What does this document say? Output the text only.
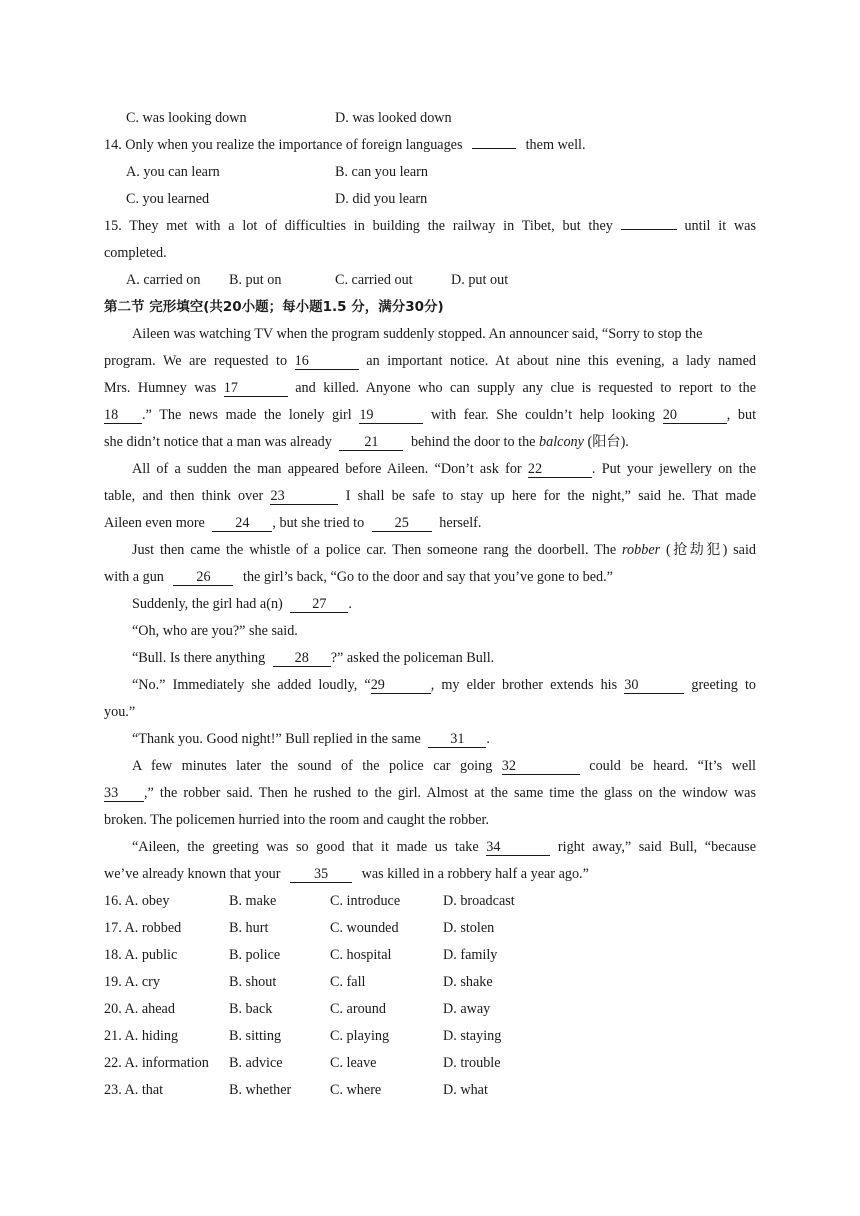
C. was looking down	D. was looked down
14. Only when you realize the importance of foreign languages	them well.
A. you can learn	B. can you learn
C. you learned	D. did you learn
15. They met with a lot of difficulties in building the railway in Tibet, but they	until it was
completed.
A. carried on B. put on	C. carried out	D. put out
第二节 完形填空(共20小题；每小题1.5 分，满分30分)
Aileen was watching TV when the program suddenly stopped. An announcer said, “Sorry to stop the
program. We are requested to 16	an important notice. At about nine this evening, a lady named
Mrs. Humney was 17	and killed. Anyone who can supply any clue is requested to report to the
18 .” The news made the lonely girl 19	with fear. She couldn’t help looking 20	, but
she didn’t notice that a man was already 21 behind the door to the balcony (阳台).
All of a sudden the man appeared before Aileen. “Don’t ask for 22	. Put your jewellery on the
table, and then think over 23	I shall be safe to stay up here for the night,” said he. That made
Aileen even more 24 , but she tried to 25 herself.
Just then came the whistle of a police car. Then someone rang the doorbell. The robber (抢劫犯) said
with a gun 26 the girl’s back, “Go to the door and say that you’ve gone to bed.”
Suddenly, the girl had a(n) 27 .
“Oh, who are you?” she said.
“Bull. Is there anything 28 ?” asked the policeman Bull.
“No.” Immediately she added loudly, “29	, my elder brother extends his 30	greeting to
you.”
“Thank you. Good night!” Bull replied in the same 31 .
A few minutes later the sound of the police car going 32	could be heard. “It’s well
33 ,” the robber said. Then he rushed to the girl. Almost at the same time the glass on the window was
broken. The policemen hurried into the room and caught the robber.
“Aileen, the greeting was so good that it made us take 34	right away,” said Bull, “because
we’ve already known that your 35 was killed in a robbery half a year ago.”
16. A. obey	B. make	C. introduce	D. broadcast
17. A. robbed	B. hurt	C. wounded	D. stolen
18. A. public	B. police	C. hospital	D. family
19. A. cry	B. shout	C. fall	D. shake
20. A. ahead	B. back	C. around	D. away
21. A. hiding	B. sitting	C. playing	D. staying
22. A. information B. advice	C. leave	D. trouble
23. A. that	B. whether	C. where	D. what
